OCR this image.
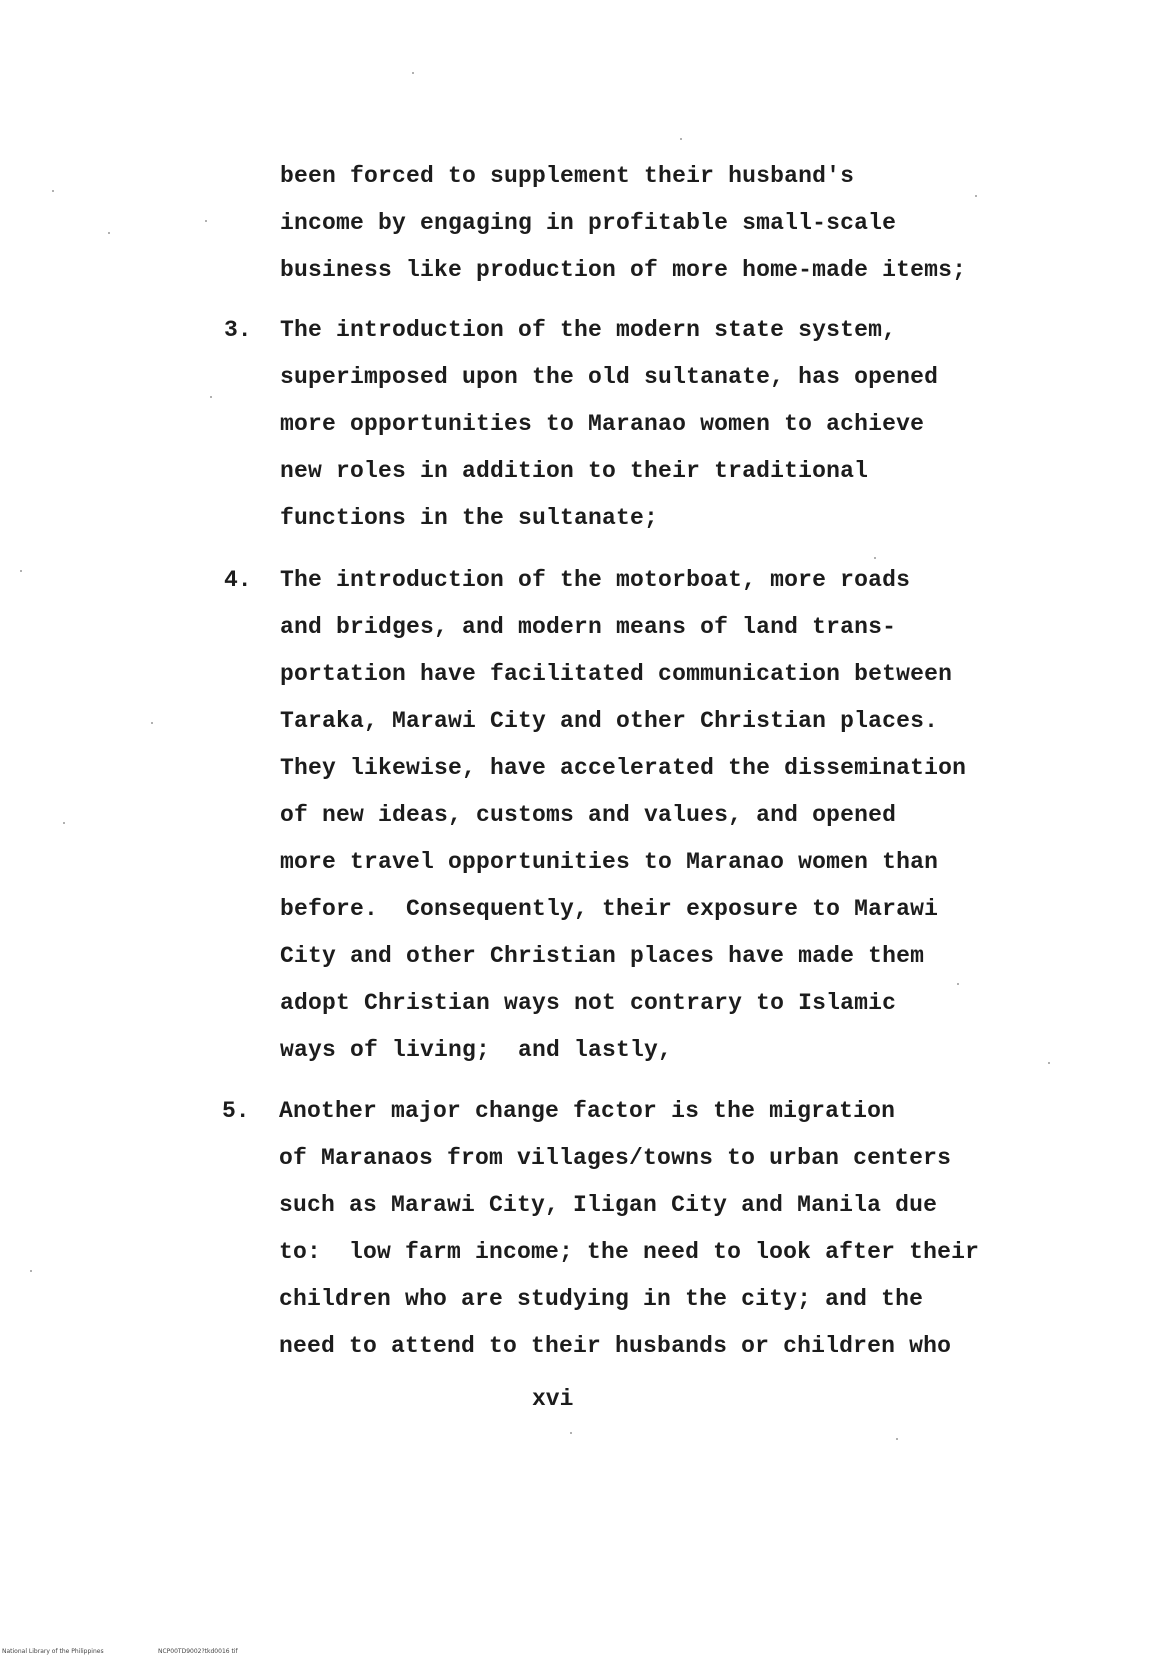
been forced to supplement their husband's
income by engaging in profitable small-scale
business like production of more home-made items;
3. The introduction of the modern state system,
superimposed upon the old sultanate, has opened
more opportunities to Maranao women to achieve
new roles in addition to their traditional
functions in the sultanate;
4. The introduction of the motorboat, more roads
and bridges, and modern means of land trans-
portation have facilitated communication between
Taraka, Marawi City and other Christian places.
They likewise, have accelerated the dissemination
of new ideas, customs and values, and opened
more travel opportunities to Maranao women than
before.  Consequently, their exposure to Marawi
City and other Christian places have made them
adopt Christian ways not contrary to Islamic
ways of living;  and lastly,
5. Another major change factor is the migration
of Maranaos from villages/towns to urban centers
such as Marawi City, Iligan City and Manila due
to:  low farm income; the need to look after their
children who are studying in the city; and the
need to attend to their husbands or children who
xvi
National Library of the Philippines	NCP00TD9002?tkd0016 tif
